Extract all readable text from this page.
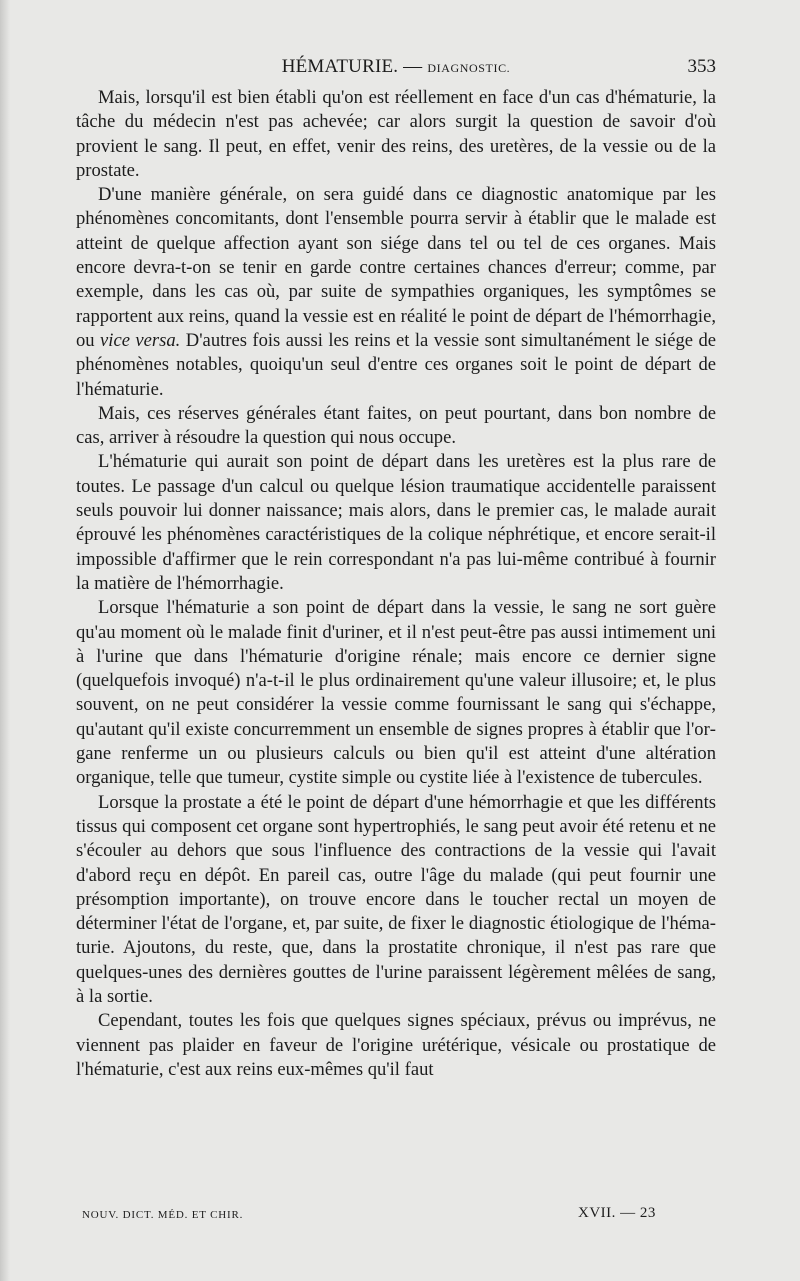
HÉMATURIE. — DIAGNOSTIC.	353

Mais, lorsqu'il est bien établi qu'on est réellement en face d'un cas d'hématurie, la tâche du médecin n'est pas achevée; car alors surgit la question de savoir d'où provient le sang. Il peut, en effet, venir des reins, des uretères, de la vessie ou de la prostate.

D'une manière générale, on sera guidé dans ce diagnostic anatomique par les phénomènes concomitants, dont l'ensemble pourra servir à établir que le malade est atteint de quelque affection ayant son siége dans tel ou tel de ces organes. Mais encore devra-t-on se tenir en garde contre certaines chances d'erreur; comme, par exemple, dans les cas où, par suite de sympathies organiques, les symptômes se rapportent aux reins, quand la vessie est en réalité le point de départ de l'hémorrhagie, ou vice versa. D'autres fois aussi les reins et la vessie sont simultanément le siége de phénomènes notables, quoiqu'un seul d'entre ces organes soit le point de départ de l'hématurie.

Mais, ces réserves générales étant faites, on peut pourtant, dans bon nombre de cas, arriver à résoudre la question qui nous occupe.

L'hématurie qui aurait son point de départ dans les uretères est la plus rare de toutes. Le passage d'un calcul ou quelque lésion traumatique accidentelle paraissent seuls pouvoir lui donner naissance; mais alors, dans le premier cas, le malade aurait éprouvé les phénomènes caractéristiques de la colique néphrétique, et encore serait-il impossible d'affirmer que le rein correspondant n'a pas lui-même contribué à fournir la matière de l'hémorrhagie.

Lorsque l'hématurie a son point de départ dans la vessie, le sang ne sort guère qu'au moment où le malade finit d'uriner, et il n'est peut-être pas aussi intimement uni à l'urine que dans l'hématurie d'origine rénale; mais encore ce dernier signe (quelquefois invoqué) n'a-t-il le plus ordinairement qu'une valeur illusoire; et, le plus souvent, on ne peut considérer la vessie comme fournissant le sang qui s'échappe, qu'autant qu'il existe concurremment un ensemble de signes propres à établir que l'organe renferme un ou plusieurs calculs ou bien qu'il est atteint d'une altération organique, telle que tumeur, cystite simple ou cystite liée à l'existence de tubercules.

Lorsque la prostate a été le point de départ d'une hémorrhagie et que les différents tissus qui composent cet organe sont hypertrophiés, le sang peut avoir été retenu et ne s'écouler au dehors que sous l'influence des contractions de la vessie qui l'avait d'abord reçu en dépôt. En pareil cas, outre l'âge du malade (qui peut fournir une présomption importante), on trouve encore dans le toucher rectal un moyen de déterminer l'état de l'organe, et, par suite, de fixer le diagnostic étiologique de l'hématurie. Ajoutons, du reste, que, dans la prostatite chronique, il n'est pas rare que quelques-unes des dernières gouttes de l'urine paraissent légèrement mêlées de sang, à la sortie.

Cependant, toutes les fois que quelques signes spéciaux, prévus ou imprévus, ne viennent pas plaider en faveur de l'origine urétérique, vésicale ou prostatique de l'hématurie, c'est aux reins eux-mêmes qu'il faut

NOUV. DICT. MÉD. ET CHIR.	XVII. — 23
